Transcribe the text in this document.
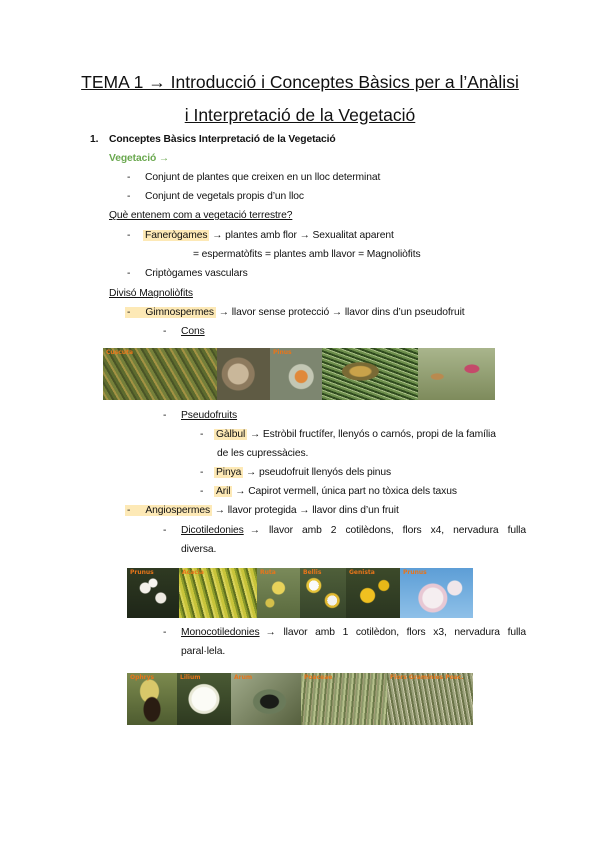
TEMA 1 → Introducció i Conceptes Bàsics per a l’Anàlisi
i Interpretació de la Vegetació
1. Conceptes Bàsics Interpretació de la Vegetació
Vegetació →
- Conjunt de plantes que creixen en un lloc determinat
- Conjunt de vegetals propis d’un lloc
Què entenem com a vegetació terrestre?
- Fanerògames → plantes amb flor → Sexualitat aparent
= espermatòfits = plantes amb llavor = Magnoliòfits
- Criptògames vasculars
Divisó Magnoliòfits
-    Gimnospermes → llavor sense protecció → llavor dins d’un pseudofruit
- Cons
Cuscuta	Pinus
- Pseudofruits
- Gàlbul → Estròbil fructífer, llenyós o carnós, propi de la família
de les cupressàcies.
- Pinya → pseudofruit llenyós dels pinus
- Aril → Capirot vermell, única part no tòxica dels taxus
-    Angiospermes → llavor protegida → llavor dins d’un fruit
- Dicotiledonies → llavor amb 2 cotilèdons, flors x4, nervadura fulla
diversa.
Prunus	Acacia	Ruta	Bellis	Genista	Prunus
- Monocotiledonies → llavor amb 1 cotilèdon, flors x3, nervadura fulla
paral·lela.
Ophrys	Lilium	Arum	Poaceae	Flors Gramínies Poac.
